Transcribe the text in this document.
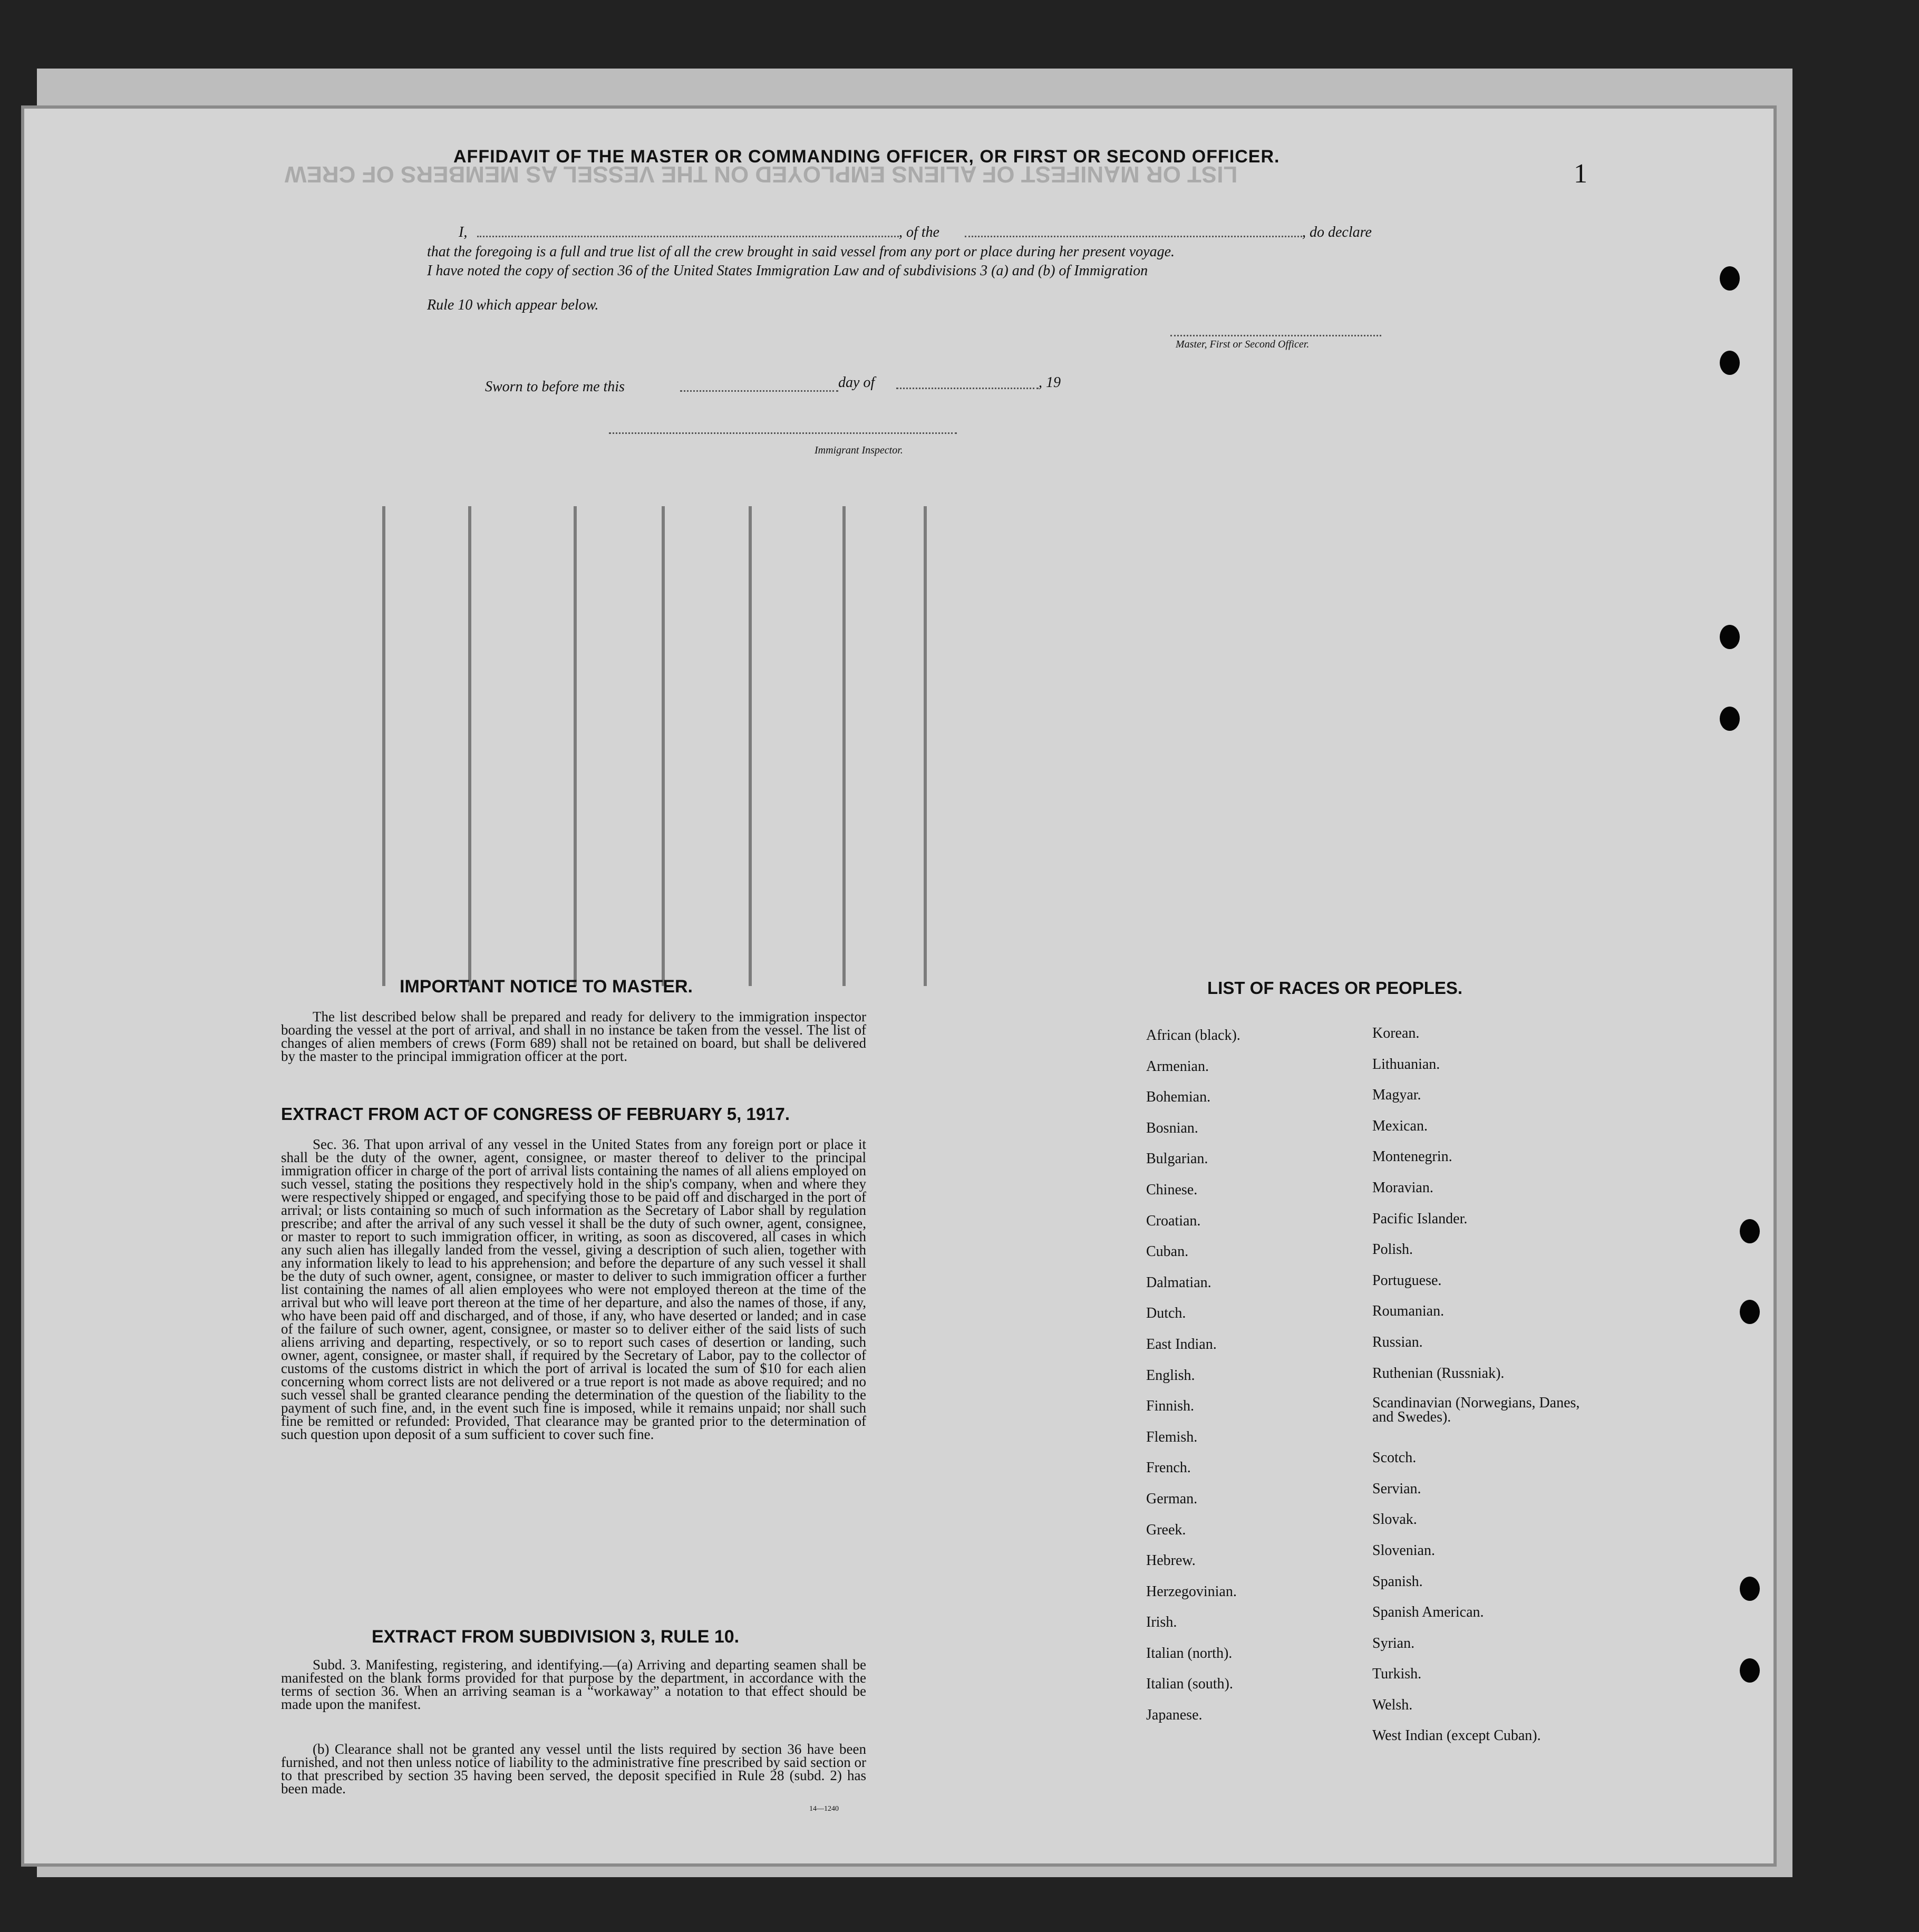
LIST OR MANIFEST OF ALIENS EMPLOYED ON THE VESSEL AS MEMBERS OF CREW	1
AFFIDAVIT OF THE MASTER OR COMMANDING OFFICER, OR FIRST OR SECOND OFFICER.
I,	, of the	, do declare
that the foregoing is a full and true list of all the crew brought in said vessel from any port or place during her present voyage.
I have noted the copy of section 36 of the United States Immigration Law and of subdivisions 3 (a) and (b) of Immigration
Rule 10 which appear below.
Master, First or Second Officer.
Sworn to before me this	day of	, 19
Immigrant Inspector.
IMPORTANT NOTICE TO MASTER.
The list described below shall be prepared and ready for delivery to the immigration inspector boarding the vessel at the port of arrival, and shall in no instance be taken from the vessel. The list of changes of alien members of crews (Form 689) shall not be retained on board, but shall be delivered by the master to the principal immigration officer at the port.
EXTRACT FROM ACT OF CONGRESS OF FEBRUARY 5, 1917.
Sec. 36. That upon arrival of any vessel in the United States from any foreign port or place it shall be the duty of the owner, agent, consignee, or master thereof to deliver to the principal immigration officer in charge of the port of arrival lists containing the names of all aliens employed on such vessel, stating the positions they respectively hold in the ship's company, when and where they were respectively shipped or engaged, and specifying those to be paid off and discharged in the port of arrival; or lists containing so much of such information as the Secretary of Labor shall by regulation prescribe; and after the arrival of any such vessel it shall be the duty of such owner, agent, consignee, or master to report to such immigration officer, in writing, as soon as discovered, all cases in which any such alien has illegally landed from the vessel, giving a description of such alien, together with any information likely to lead to his apprehension; and before the departure of any such vessel it shall be the duty of such owner, agent, consignee, or master to deliver to such immigration officer a further list containing the names of all alien employees who were not employed thereon at the time of the arrival but who will leave port thereon at the time of her departure, and also the names of those, if any, who have been paid off and discharged, and of those, if any, who have deserted or landed; and in case of the failure of such owner, agent, consignee, or master so to deliver either of the said lists of such aliens arriving and departing, respectively, or so to report such cases of desertion or landing, such owner, agent, consignee, or master shall, if required by the Secretary of Labor, pay to the collector of customs of the customs district in which the port of arrival is located the sum of $10 for each alien concerning whom correct lists are not delivered or a true report is not made as above required; and no such vessel shall be granted clearance pending the determination of the question of the liability to the payment of such fine, and, in the event such fine is imposed, while it remains unpaid; nor shall such fine be remitted or refunded: Provided, That clearance may be granted prior to the determination of such question upon deposit of a sum sufficient to cover such fine.
EXTRACT FROM SUBDIVISION 3, RULE 10.
Subd. 3. Manifesting, registering, and identifying.—(a) Arriving and departing seamen shall be manifested on the blank forms provided for that purpose by the department, in accordance with the terms of section 36. When an arriving seaman is a “workaway” a notation to that effect should be made upon the manifest.
(b) Clearance shall not be granted any vessel until the lists required by section 36 have been furnished, and not then unless notice of liability to the administrative fine prescribed by said section or to that prescribed by section 35 having been served, the deposit specified in Rule 28 (subd. 2) has been made.
14—1240
LIST OF RACES OR PEOPLES.
African (black).
Armenian.
Bohemian.
Bosnian.
Bulgarian.
Chinese.
Croatian.
Cuban.
Dalmatian.
Dutch.
East Indian.
English.
Finnish.
Flemish.
French.
German.
Greek.
Hebrew.
Herzegovinian.
Irish.
Italian (north).
Italian (south).
Japanese.
Korean.
Lithuanian.
Magyar.
Mexican.
Montenegrin.
Moravian.
Pacific Islander.
Polish.
Portuguese.
Roumanian.
Russian.
Ruthenian (Russniak).
Scandinavian (Norwegians, Danes, and Swedes).
Scotch.
Servian.
Slovak.
Slovenian.
Spanish.
Spanish American.
Syrian.
Turkish.
Welsh.
West Indian (except Cuban).
